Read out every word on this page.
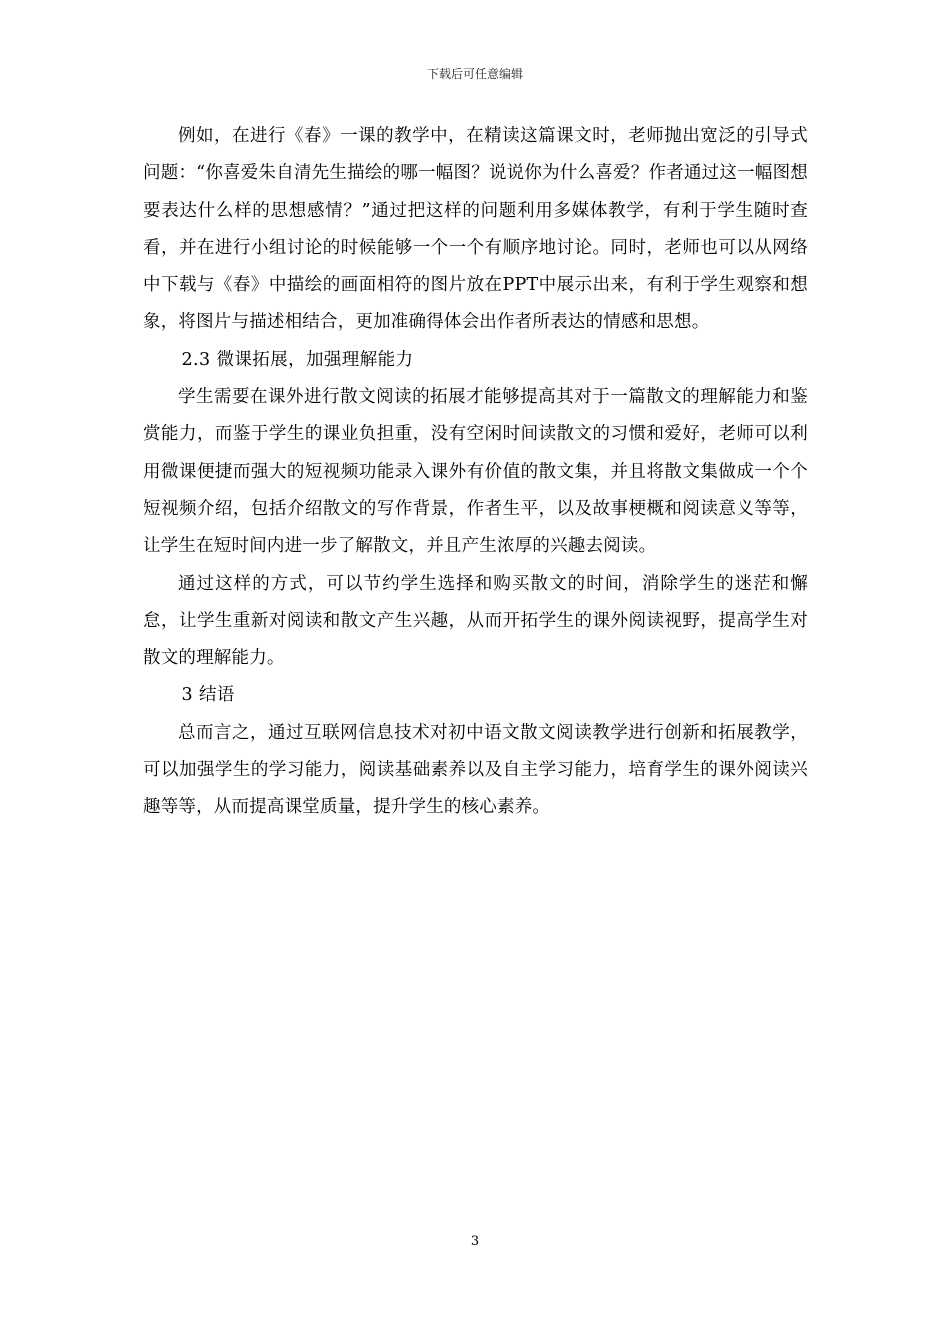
下载后可任意编辑

例如，在进行《春》一课的教学中，在精读这篇课文时，老师抛出宽泛的引导式问题：“你喜爱朱自清先生描绘的哪一幅图？说说你为什么喜爱？作者通过这一幅图想要表达什么样的思想感情？”通过把这样的问题利用多媒体教学，有利于学生随时查看，并在进行小组讨论的时候能够一个一个有顺序地讨论。同时，老师也可以从网络中下载与《春》中描绘的画面相符的图片放在PPT中展示出来，有利于学生观察和想象，将图片与描述相结合，更加准确得体会出作者所表达的情感和思想。

2.3 微课拓展，加强理解能力

学生需要在课外进行散文阅读的拓展才能够提高其对于一篇散文的理解能力和鉴赏能力，而鉴于学生的课业负担重，没有空闲时间读散文的习惯和爱好，老师可以利用微课便捷而强大的短视频功能录入课外有价值的散文集，并且将散文集做成一个个短视频介绍，包括介绍散文的写作背景，作者生平，以及故事梗概和阅读意义等等，让学生在短时间内进一步了解散文，并且产生浓厚的兴趣去阅读。

通过这样的方式，可以节约学生选择和购买散文的时间，消除学生的迷茫和懈怠，让学生重新对阅读和散文产生兴趣，从而开拓学生的课外阅读视野，提高学生对散文的理解能力。

3 结语

总而言之，通过互联网信息技术对初中语文散文阅读教学进行创新和拓展教学，可以加强学生的学习能力，阅读基础素养以及自主学习能力，培育学生的课外阅读兴趣等等，从而提高课堂质量，提升学生的核心素养。

3
